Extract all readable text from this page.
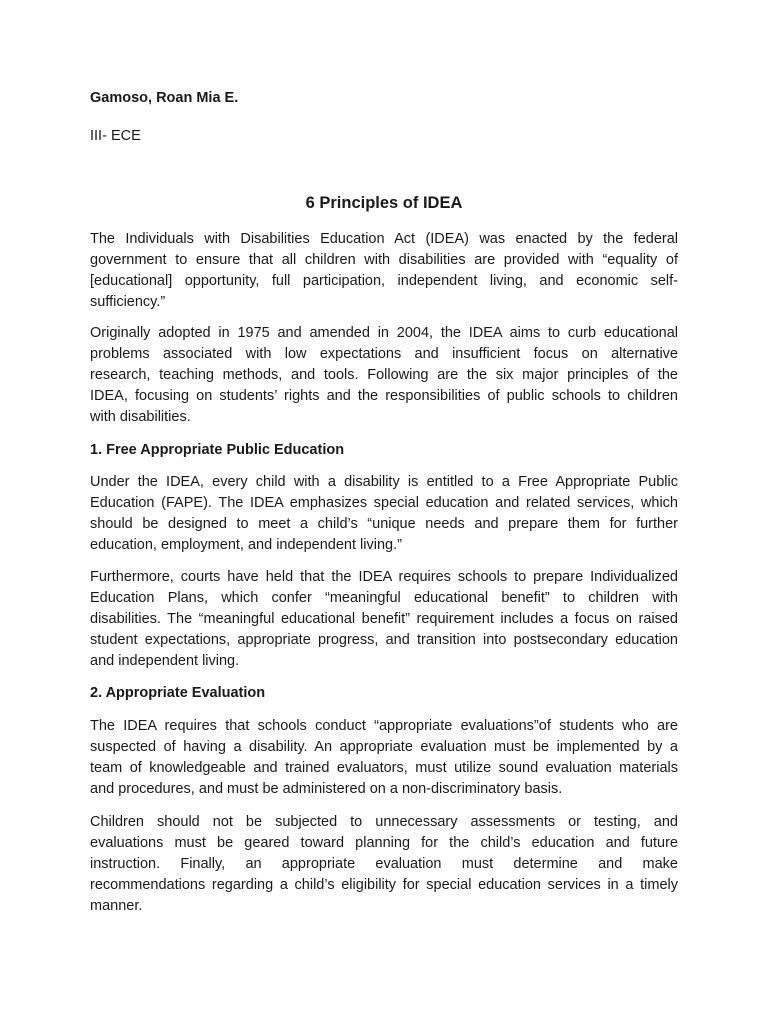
Gamoso, Roan Mia E.
III- ECE
6 Principles of IDEA
The Individuals with Disabilities Education Act (IDEA) was enacted by the federal
government to ensure that all children with disabilities are provided with “equality of
[educational] opportunity, full participation, independent living, and economic self-
sufficiency.”
Originally adopted in 1975 and amended in 2004, the IDEA aims to curb educational
problems associated with low expectations and insufficient focus on alternative
research, teaching methods, and tools. Following are the six major principles of the
IDEA, focusing on students’ rights and the responsibilities of public schools to children
with disabilities.
Under the IDEA, every child with a disability is entitled to a Free Appropriate Public
Education (FAPE). The IDEA emphasizes special education and related services, which
should be designed to meet a child’s “unique needs and prepare them for further
education, employment, and independent living.”
Furthermore, courts have held that the IDEA requires schools to prepare Individualized
Education Plans, which confer “meaningful educational benefit” to children with
disabilities. The “meaningful educational benefit” requirement includes a focus on raised
student expectations, appropriate progress, and transition into postsecondary education
and independent living.
The IDEA requires that schools conduct “appropriate evaluations”of students who are
suspected of having a disability. An appropriate evaluation must be implemented by a
team of knowledgeable and trained evaluators, must utilize sound evaluation materials
and procedures, and must be administered on a non-discriminatory basis.
Children should not be subjected to unnecessary assessments or testing, and
evaluations must be geared toward planning for the child’s education and future
instruction. Finally, an appropriate evaluation must determine and make
recommendations regarding a child’s eligibility for special education services in a timely
manner.
1. Free Appropriate Public Education
2. Appropriate Evaluation
